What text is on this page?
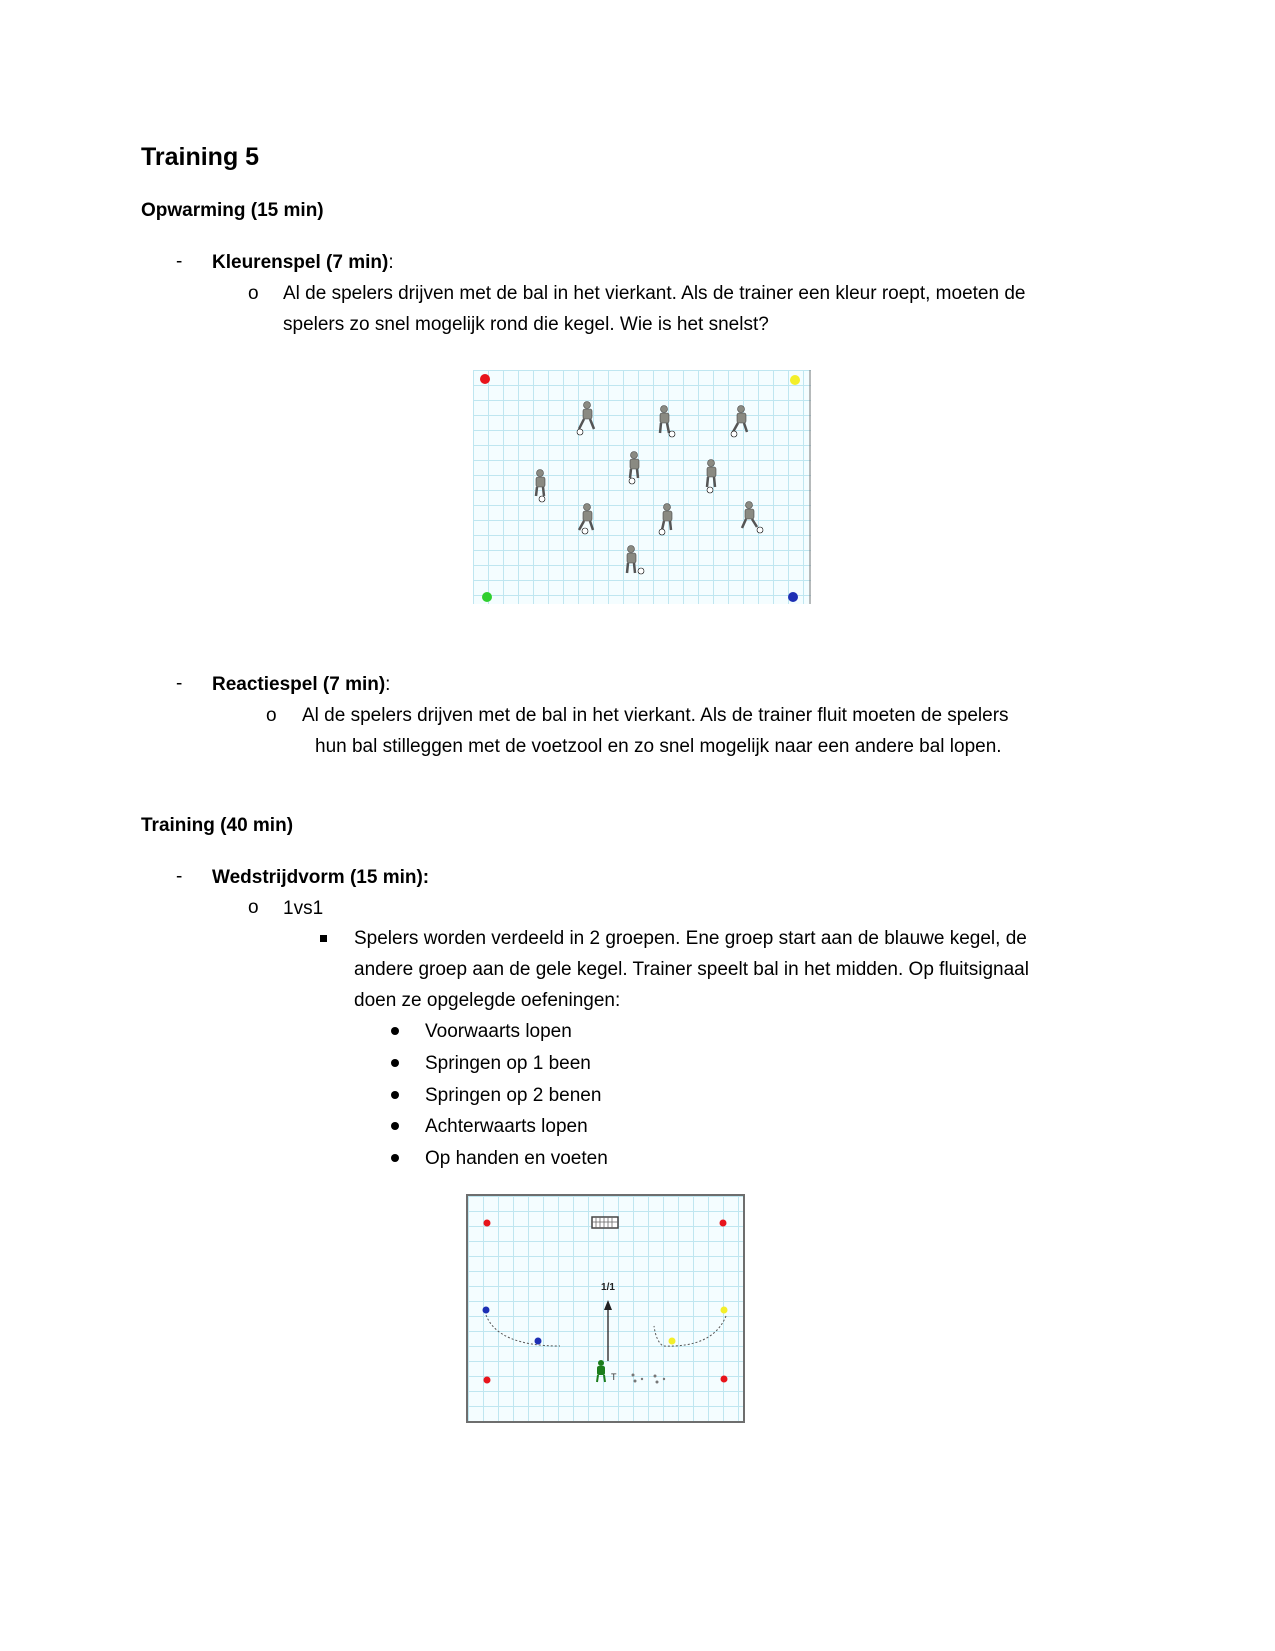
Training 5
Opwarming (15 min)
- Kleurenspel (7 min):
o Al de spelers drijven met de bal in het vierkant. Als de trainer een kleur roept, moeten de
spelers zo snel mogelijk rond die kegel. Wie is het snelst?
- Reactiespel (7 min):
o Al de spelers drijven met de bal in het vierkant. Als de trainer fluit moeten de spelers
hun bal stilleggen met de voetzool en zo snel mogelijk naar een andere bal lopen.
Training (40 min)
- Wedstrijdvorm (15 min):
o 1vs1
Spelers worden verdeeld in 2 groepen. Ene groep start aan de blauwe kegel, de
andere groep aan de gele kegel. Trainer speelt bal in het midden. Op fluitsignaal
doen ze opgelegde oefeningen:
Voorwaarts lopen
Springen op 1 been
Springen op 2 benen
Achterwaarts lopen
Op handen en voeten
1/1
T
